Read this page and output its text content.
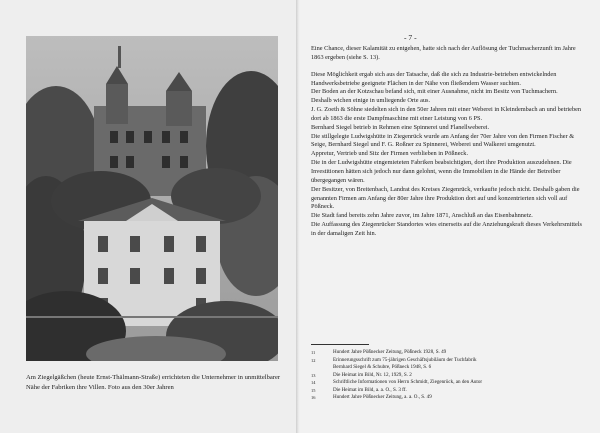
Am Ziegelgäßchen (heute Ernst-Thälmann-Straße) errichteten die Unternehmer in unmittelbarer Nähe der Fabriken ihre Villen. Foto aus den 30er Jahren
- 7 -

Eine Chance, dieser Kalamität zu entgehen, hatte sich nach der Auflösung der Tuchmacherzunft im Jahre 1863 ergeben (siehe S. 13).

Diese Möglichkeit ergab sich aus der Tatsache, daß die sich zu Industrie-betrieben entwickelnden Handwerksbetriebe geeignete Flächen in der Nähe von fließendem Wasser suchten.

Der Boden an der Kotzschau befand sich, mit einer Ausnahme, nicht im Besitz von Tuchmachern.

Deshalb wichen einige in umliegende Orte aus.

J. G. Zoeth & Söhne siedelten sich in den 50er Jahren mit einer Weberei in Kleindembach an und betrieben dort ab 1863 die erste Dampfmaschine mit einer Leistung von 6 PS.

Bernhard Siegel betrieb in Rehmen eine Spinnerei und Flanellweberei.

Die stillgelegte Ludwigshütte in Ziegenrück wurde am Anfang der 70er Jahre von den Firmen Fischer & Seige, Bernhard Siegel und F. G. Roßner zu Spinnerei, Weberei und Walkerei umgenutzt.

Appretur, Vertrieb und Sitz der Firmen verblieben in Pößneck.

Die in der Ludwigshütte eingemieteten Fabriken beabsichtigten, dort ihre Produktion auszudehnen. Die Investitionen hätten sich jedoch nur dann gelohnt, wenn die Immobilien in die Hände der Betreiber übergegangen wären.

Der Besitzer, von Breitenbach, Landrat des Kreises Ziegenrück, verkaufte jedoch nicht. Deshalb gaben die genannten Firmen am Anfang der 80er Jahre ihre Produktion dort auf und konzentrierten sich voll auf Pößneck.

Die Stadt fand bereits zehn Jahre zuvor, im Jahre 1871, Anschluß an das Eisenbahnnetz.

Die Auffassung des Ziegenrücker Standortes wies einerseits auf die Anziehungskraft dieses Verkehrsmittels in der damaligen Zeit hin.

11	Hundert Jahre Pößnecker Zeitung, Pößneck 1928, S. 49
12	Erinnerungsschrift zum 75-jährigen Geschäftsjubiläum der Tuchfabrik
Bernhard Siegel & Schubre, Pößneck 1948, S. 6
13	Die Heimat im Bild, Nr. 12, 1929, S. 2
14	Schriftliche Informationen von Herrn Schmidt, Ziegenrück, an den Autor
15	Die Heimat im Bild, a. a. O., S. 3 ff.
16	Hundert Jahre Pößnecker Zeitung, a. a. O., S. 49
